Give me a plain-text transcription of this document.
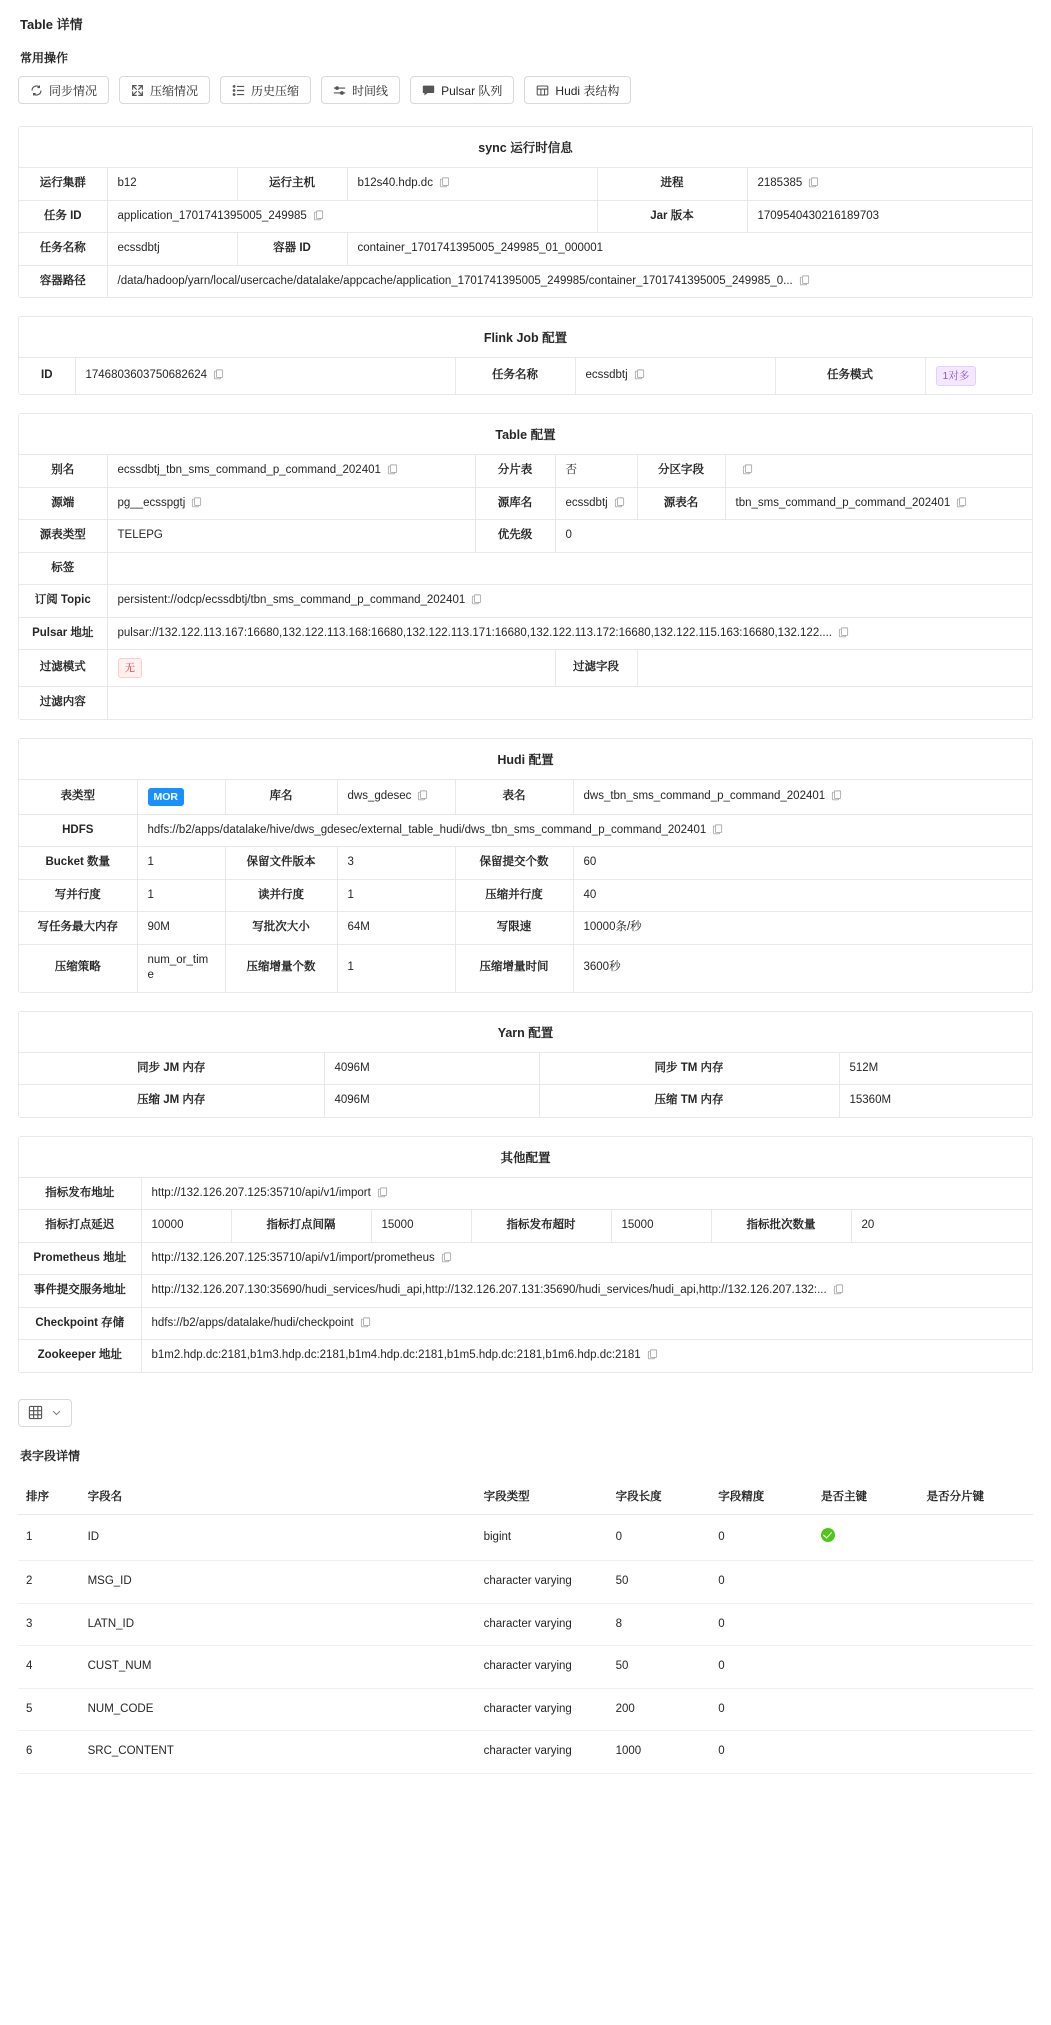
Table 详情
常用操作
同步情况	压缩情况	历史压缩	时间线	Pulsar 队列	Hudi 表结构
sync 运行时信息
运行集群	b12	运行主机	b12s40.hdp.dc	进程	2185385

任务 ID	application_1701741395005_249985			Jar 版本	1709540430216189703
任务名称	ecssdbtj	容器 ID	container_1701741395005_249985_01_000001		
容器路径	/data/hadoop/yarn/local/usercache/datalake/appcache/application_1701741395005_249985/container_1701741395005_249985_0...				
Flink Job 配置
ID	1746803603750682624	任务名称	ecssdbtj	任务模式	1对多
Table 配置
别名	ecssdbtj_tbn_sms_command_p_command_202401	分片表	否	分区字段	

源端	pg__ecsspgtj	源库名	ecssdbtj	源表名	tbn_sms_command_p_command_202401

源表类型	TELEPG	优先级	0		
标签					
订阅 Topic	persistent://odcp/ecssdbtj/tbn_sms_command_p_command_202401				

Pulsar 地址	pulsar://132.122.113.167:16680,132.122.113.168:16680,132.122.113.171:16680,132.122.113.172:16680,132.122.115.163:16680,132.122....				

过滤模式	无		过滤字段		
过滤内容					
Hudi 配置
表类型	MOR	库名	dws_gdesec	表名	dws_tbn_sms_command_p_command_202401

HDFS	hdfs://b2/apps/datalake/hive/dws_gdesec/external_table_hudi/dws_tbn_sms_command_p_command_202401				

Bucket 数量	1	保留文件版本	3	保留提交个数	60
写并行度	1	读并行度	1	压缩并行度	40
写任务最大内存	90M	写批次大小	64M	写限速	10000条/秒
压缩策略	num_or_time	压缩增量个数	1	压缩增量时间	3600秒
Yarn 配置
同步 JM 内存	4096M	同步 TM 内存	512M
压缩 JM 内存	4096M	压缩 TM 内存	15360M
其他配置
指标发布地址	http://132.126.207.125:35710/api/v1/import						

指标打点延迟	10000	指标打点间隔	15000	指标发布超时	15000	指标批次数量	20
Prometheus 地址	http://132.126.207.125:35710/api/v1/import/prometheus						

事件提交服务地址	http://132.126.207.130:35690/hudi_services/hudi_api,http://132.126.207.131:35690/hudi_services/hudi_api,http://132.126.207.132:...						

Checkpoint 存储	hdfs://b2/apps/datalake/hudi/checkpoint						

Zookeeper 地址	b1m2.hdp.dc:2181,b1m3.hdp.dc:2181,b1m4.hdp.dc:2181,b1m5.hdp.dc:2181,b1m6.hdp.dc:2181						
表字段详情
排序	字段名	字段类型	字段长度	字段精度	是否主键	是否分片键
1	ID	bigint	0	0		
2	MSG_ID	character varying	50	0		
3	LATN_ID	character varying	8	0		
4	CUST_NUM	character varying	50	0		
5	NUM_CODE	character varying	200	0		
6	SRC_CONTENT	character varying	1000	0		
